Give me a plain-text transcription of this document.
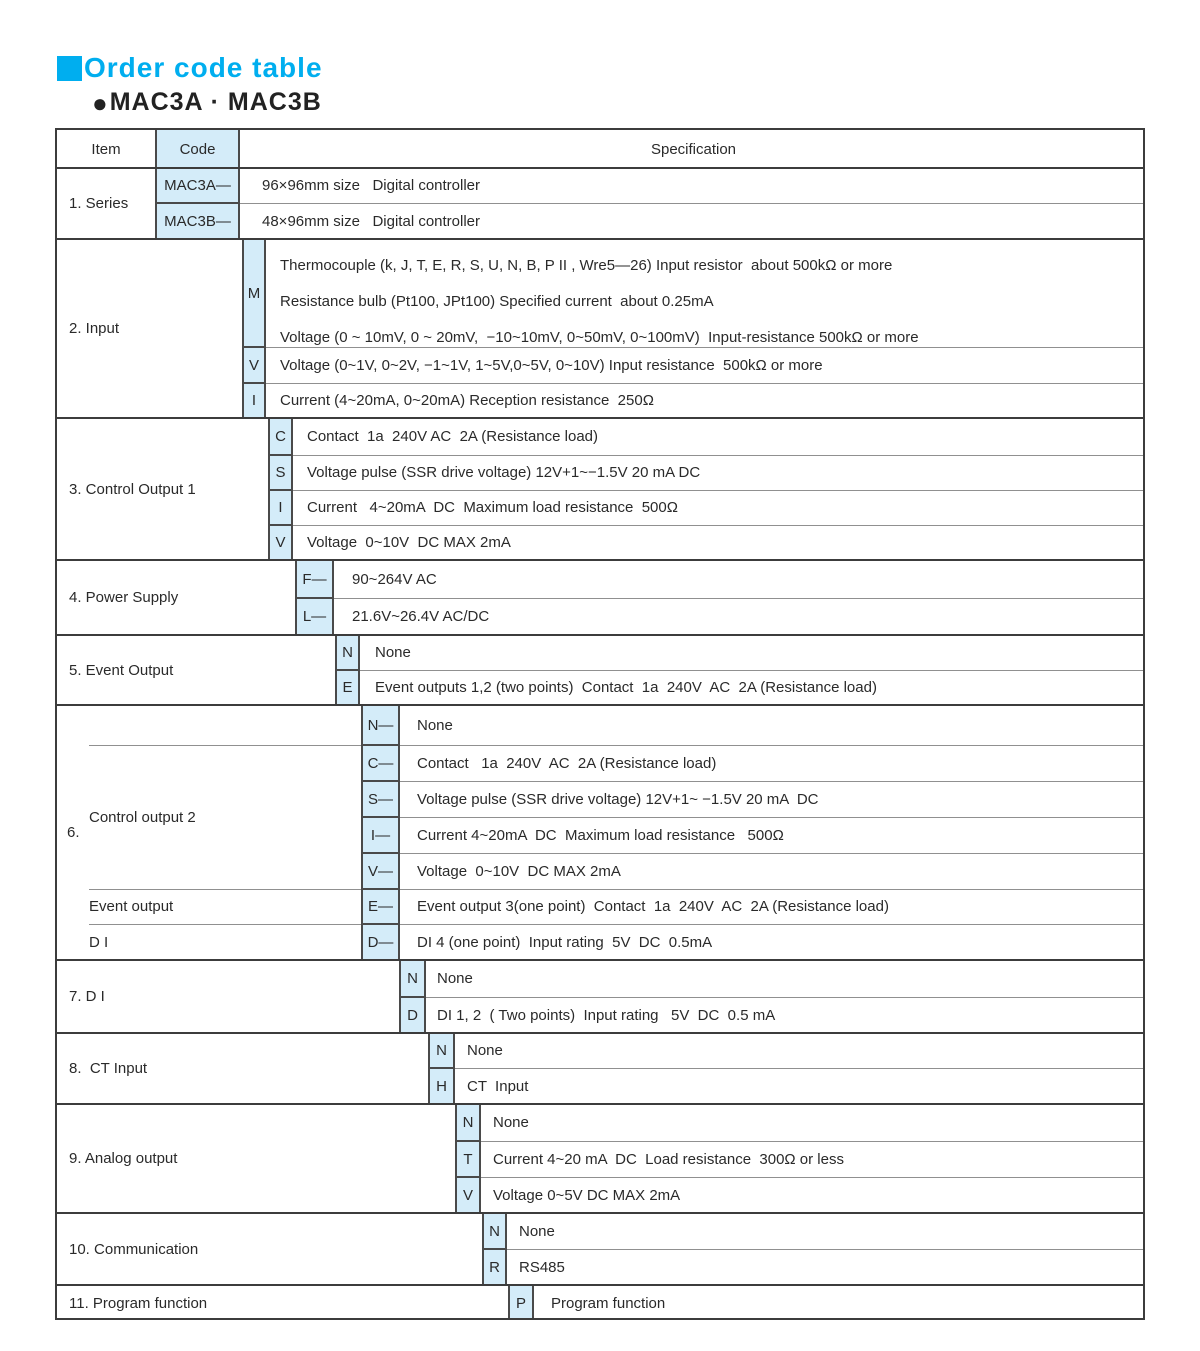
Order code table
● MAC3A · MAC3B
Item	Code	Specification
1. Series
2. Input
3. Control Output 1
4. Power Supply
5. Event Output
6.
Control output 2
Event output
D I
7. D I
8.  CT Input
9. Analog output
10. Communication
11. Program function
MAC3A—
MAC3B—
M
V
I
C
S
I
V
F—
L—
N
E
N—
C—
S—
I—
V—
E—
D—
N
D
N
H
N
T
V
N
R
P
96×96mm size   Digital controller
48×96mm size   Digital controller
Thermocouple (k, J, T, E, R, S, U, N, B, P II , Wre5—26) Input resistor  about 500kΩ or more
Resistance bulb (Pt100, JPt100) Specified current  about 0.25mA
Voltage (0 ~ 10mV, 0 ~ 20mV,  −10~10mV, 0~50mV, 0~100mV)  Input-resistance 500kΩ or more
Voltage (0~1V, 0~2V, −1~1V, 1~5V,0~5V, 0~10V) Input resistance  500kΩ or more
Current (4~20mA, 0~20mA) Reception resistance  250Ω
Contact  1a  240V AC  2A (Resistance load)
Voltage pulse (SSR drive voltage) 12V+1~−1.5V 20 mA DC
Current   4~20mA  DC  Maximum load resistance  500Ω
Voltage  0~10V  DC MAX 2mA
90~264V AC
21.6V~26.4V AC/DC
None
Event outputs 1,2 (two points)  Contact  1a  240V  AC  2A (Resistance load)
None
Contact   1a  240V  AC  2A (Resistance load)
Voltage pulse (SSR drive voltage) 12V+1~ −1.5V 20 mA  DC
Current 4~20mA  DC  Maximum load resistance   500Ω
Voltage  0~10V  DC MAX 2mA
Event output 3(one point)  Contact  1a  240V  AC  2A (Resistance load)
DI 4 (one point)  Input rating  5V  DC  0.5mA
None
DI 1, 2  ( Two points)  Input rating   5V  DC  0.5 mA
None
CT  Input
None
Current 4~20 mA  DC  Load resistance  300Ω or less
Voltage 0~5V DC MAX 2mA
None
RS485
Program function
